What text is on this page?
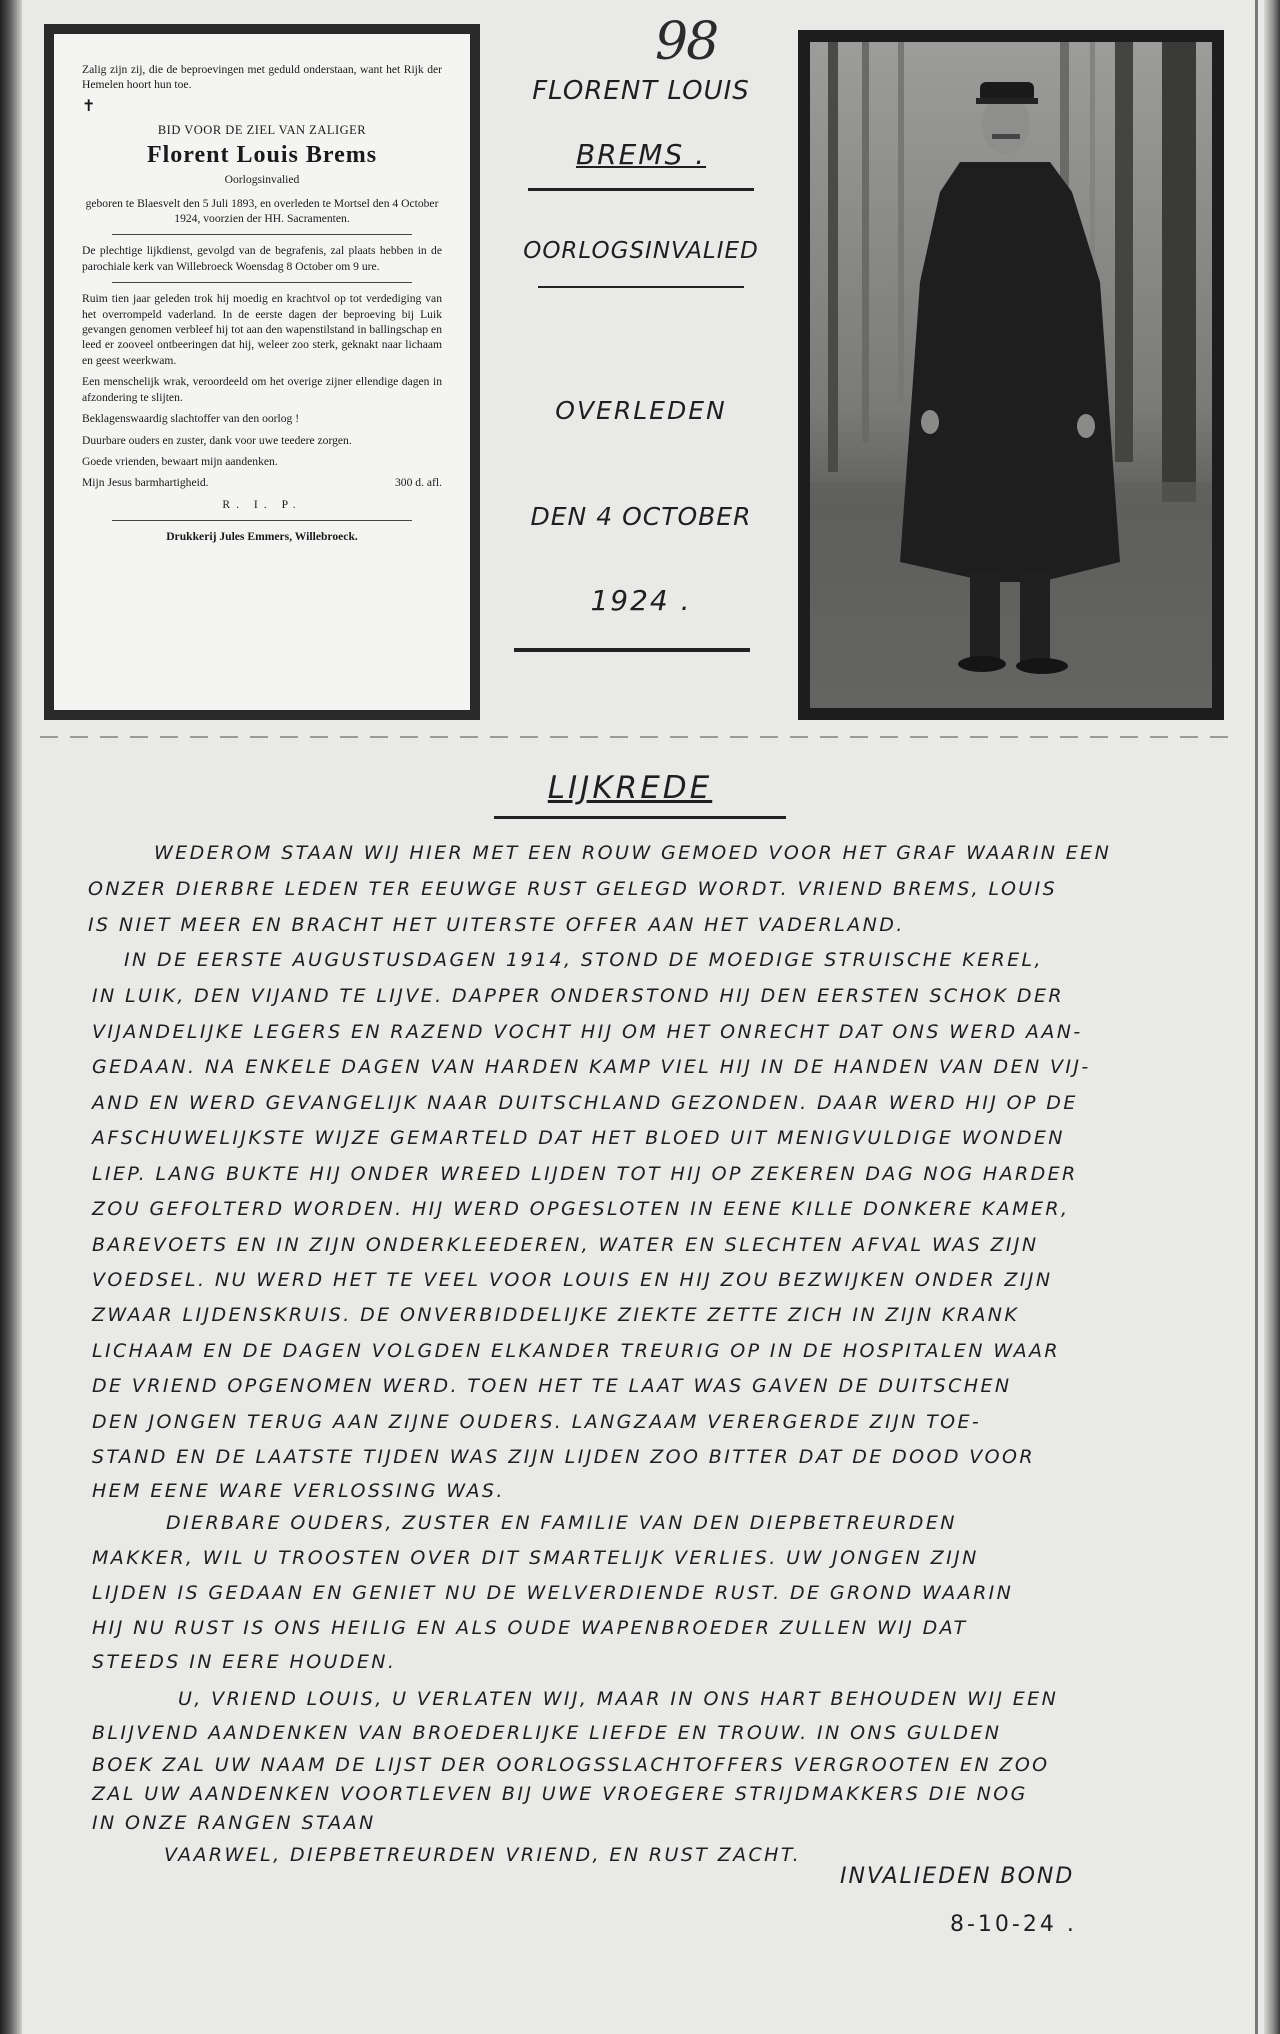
98

Zalig zijn zij, die de beproevingen met geduld onderstaan, want het Rijk der Hemelen hoort hun toe.

✝

BID VOOR DE ZIEL VAN ZALIGER

Florent Louis Brems

Oorlogsinvalied

geboren te Blaesvelt den 5 Juli 1893, en overleden te Mortsel den 4 October 1924, voorzien der HH. Sacramenten.

De plechtige lijkdienst, gevolgd van de begrafenis, zal plaats hebben in de parochiale kerk van Willebroeck Woensdag 8 October om 9 ure.

Ruim tien jaar geleden trok hij moedig en krachtvol op tot verdediging van het overrompeld vaderland. In de eerste dagen der beproeving bij Luik gevangen genomen verbleef hij tot aan den wapenstilstand in ballingschap en leed er zooveel ontbeeringen dat hij, weleer zoo sterk, geknakt naar lichaam en geest weerkwam.

Een menschelijk wrak, veroordeeld om het overige zijner ellendige dagen in afzondering te slijten.

Beklagenswaardig slachtoffer van den oorlog !

Duurbare ouders en zuster, dank voor uwe teedere zorgen.

Goede vrienden, bewaart mijn aandenken.

Mijn Jesus barmhartigheid.	300 d. afl.

R. I. P.

Drukkerij Jules Emmers, Willebroeck.

FLORENT LOUIS
BREMS .
OORLOGSINVALIED
OVERLEDEN
DEN 4 OCTOBER
1924 .
LIJKREDE
WEDEROM STAAN WIJ HIER MET EEN ROUW GEMOED VOOR HET GRAF WAARIN EEN
ONZER DIERBRE LEDEN TER EEUWGE RUST GELEGD WORDT. VRIEND BREMS, LOUIS
IS NIET MEER EN BRACHT HET UITERSTE OFFER AAN HET VADERLAND.
IN DE EERSTE AUGUSTUSDAGEN 1914, STOND DE MOEDIGE STRUISCHE KEREL,
IN LUIK, DEN VIJAND TE LIJVE. DAPPER ONDERSTOND HIJ DEN EERSTEN SCHOK DER
VIJANDELIJKE LEGERS EN RAZEND VOCHT HIJ OM HET ONRECHT DAT ONS WERD AAN-
GEDAAN. NA ENKELE DAGEN VAN HARDEN KAMP VIEL HIJ IN DE HANDEN VAN DEN VIJ-
AND EN WERD GEVANGELIJK NAAR DUITSCHLAND GEZONDEN. DAAR WERD HIJ OP DE
AFSCHUWELIJKSTE WIJZE GEMARTELD DAT HET BLOED UIT MENIGVULDIGE WONDEN
LIEP. LANG BUKTE HIJ ONDER WREED LIJDEN TOT HIJ OP ZEKEREN DAG NOG HARDER
ZOU GEFOLTERD WORDEN. HIJ WERD OPGESLOTEN IN EENE KILLE DONKERE KAMER,
BAREVOETS EN IN ZIJN ONDERKLEEDEREN, WATER EN SLECHTEN AFVAL WAS ZIJN
VOEDSEL. NU WERD HET TE VEEL VOOR LOUIS EN HIJ ZOU BEZWIJKEN ONDER ZIJN
ZWAAR LIJDENSKRUIS. DE ONVERBIDDELIJKE ZIEKTE ZETTE ZICH IN ZIJN KRANK
LICHAAM EN DE DAGEN VOLGDEN ELKANDER TREURIG OP IN DE HOSPITALEN WAAR
DE VRIEND OPGENOMEN WERD. TOEN HET TE LAAT WAS GAVEN DE DUITSCHEN
DEN JONGEN TERUG AAN ZIJNE OUDERS. LANGZAAM VERERGERDE ZIJN TOE-
STAND EN DE LAATSTE TIJDEN WAS ZIJN LIJDEN ZOO BITTER DAT DE DOOD VOOR
HEM EENE WARE VERLOSSING WAS.
DIERBARE OUDERS, ZUSTER EN FAMILIE VAN DEN DIEPBETREURDEN
MAKKER, WIL U TROOSTEN OVER DIT SMARTELIJK VERLIES. UW JONGEN ZIJN
LIJDEN IS GEDAAN EN GENIET NU DE WELVERDIENDE RUST. DE GROND WAARIN
HIJ NU RUST IS ONS HEILIG EN ALS OUDE WAPENBROEDER ZULLEN WIJ DAT
STEEDS IN EERE HOUDEN.
U, VRIEND LOUIS, U VERLATEN WIJ, MAAR IN ONS HART BEHOUDEN WIJ EEN
BLIJVEND AANDENKEN VAN BROEDERLIJKE LIEFDE EN TROUW. IN ONS GULDEN
BOEK ZAL UW NAAM DE LIJST DER OORLOGSSLACHTOFFERS VERGROOTEN EN ZOO
ZAL UW AANDENKEN VOORTLEVEN BIJ UWE VROEGERE STRIJDMAKKERS DIE NOG
IN ONZE RANGEN STAAN
VAARWEL, DIEPBETREURDEN VRIEND, EN RUST ZACHT.
INVALIEDEN BOND
8-10-24 .
